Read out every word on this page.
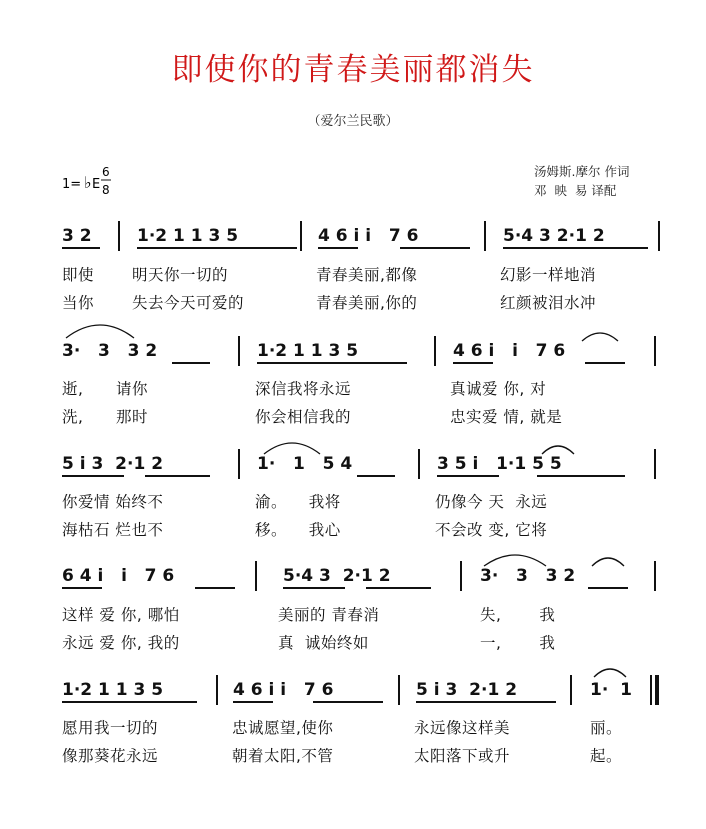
即使你的青春美丽都消失
（爱尔兰民歌）
1= ♭ E
6
8
汤姆斯.摩尔 作词
邓  映  易 译配
3 2	1·2 1 1 3 5	4 6 i i   7 6	5·4 3 2·1 2
即使 明天你一切的	青春美丽,都像	幻影一样地消
当你 失去今天可爱的	青春美丽,你的	红颜被泪水冲
3·   3   3 2	1·2 1 1 3 5	4 6 i   i   7 6
逝,      请你	深信我将永远	真诚爱 你, 对
洗,      那时	你会相信我的	忠实爱 情, 就是
5 i 3  2·1 2	1·   1   5 4	3 5 i   1·1 5 5
你爱情 始终不	渝。    我将	仍像今 天  永远
海枯石 烂也不	移。    我心	不会改 变, 它将
6 4 i   i   7 6	5·4 3  2·1 2	3·   3   3 2
这样 爱 你, 哪怕	美丽的 青春消	失,       我
永远 爱 你, 我的	真  诚始终如	一,       我
1·2 1 1 3 5	4 6 i i   7 6	5 i 3  2·1 2	1·  1
愿用我一切的	忠诚愿望,使你	永远像这样美	丽。
像那葵花永远	朝着太阳,不管	太阳落下或升	起。
